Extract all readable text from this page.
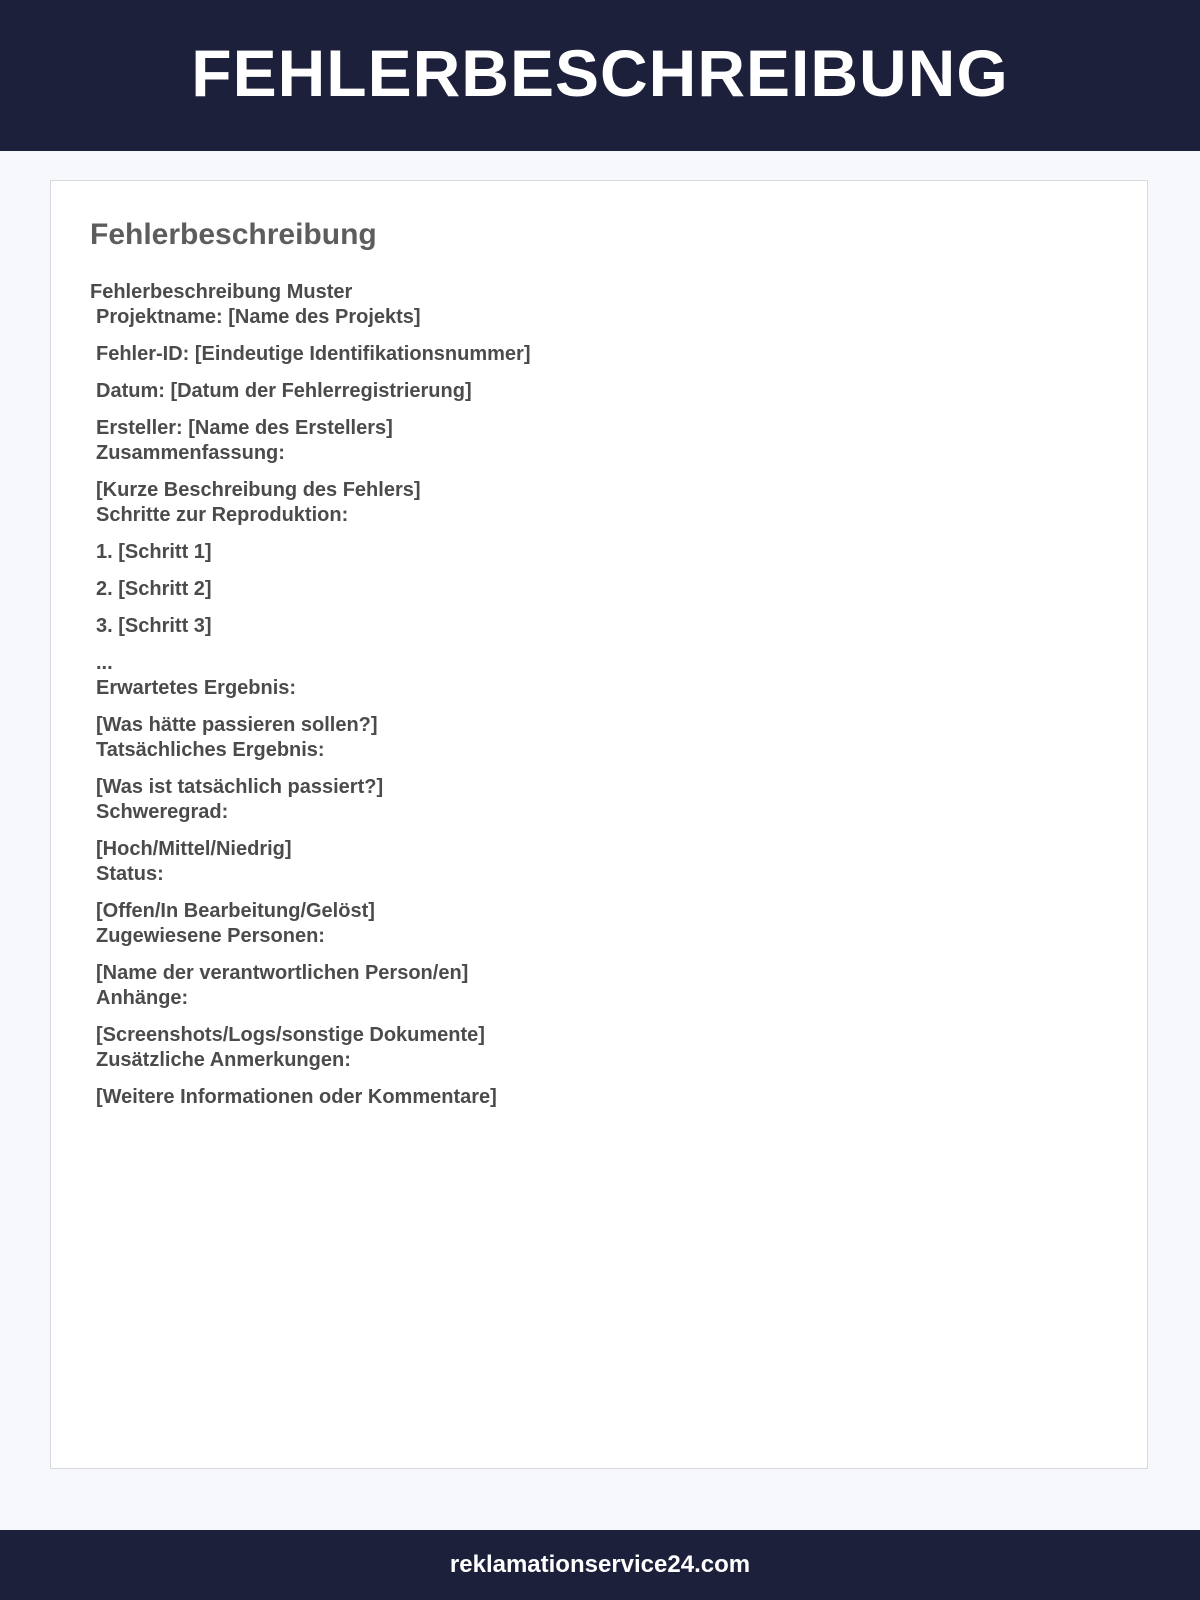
FEHLERBESCHREIBUNG
Fehlerbeschreibung
Fehlerbeschreibung Muster
Projektname: [Name des Projekts]
Fehler-ID: [Eindeutige Identifikationsnummer]
Datum: [Datum der Fehlerregistrierung]
Ersteller: [Name des Erstellers]
Zusammenfassung:
[Kurze Beschreibung des Fehlers]
Schritte zur Reproduktion:
1. [Schritt 1]
2. [Schritt 2]
3. [Schritt 3]
...
Erwartetes Ergebnis:
[Was hätte passieren sollen?]
Tatsächliches Ergebnis:
[Was ist tatsächlich passiert?]
Schweregrad:
[Hoch/Mittel/Niedrig]
Status:
[Offen/In Bearbeitung/Gelöst]
Zugewiesene Personen:
[Name der verantwortlichen Person/en]
Anhänge:
[Screenshots/Logs/sonstige Dokumente]
Zusätzliche Anmerkungen:
[Weitere Informationen oder Kommentare]
reklamationservice24.com
